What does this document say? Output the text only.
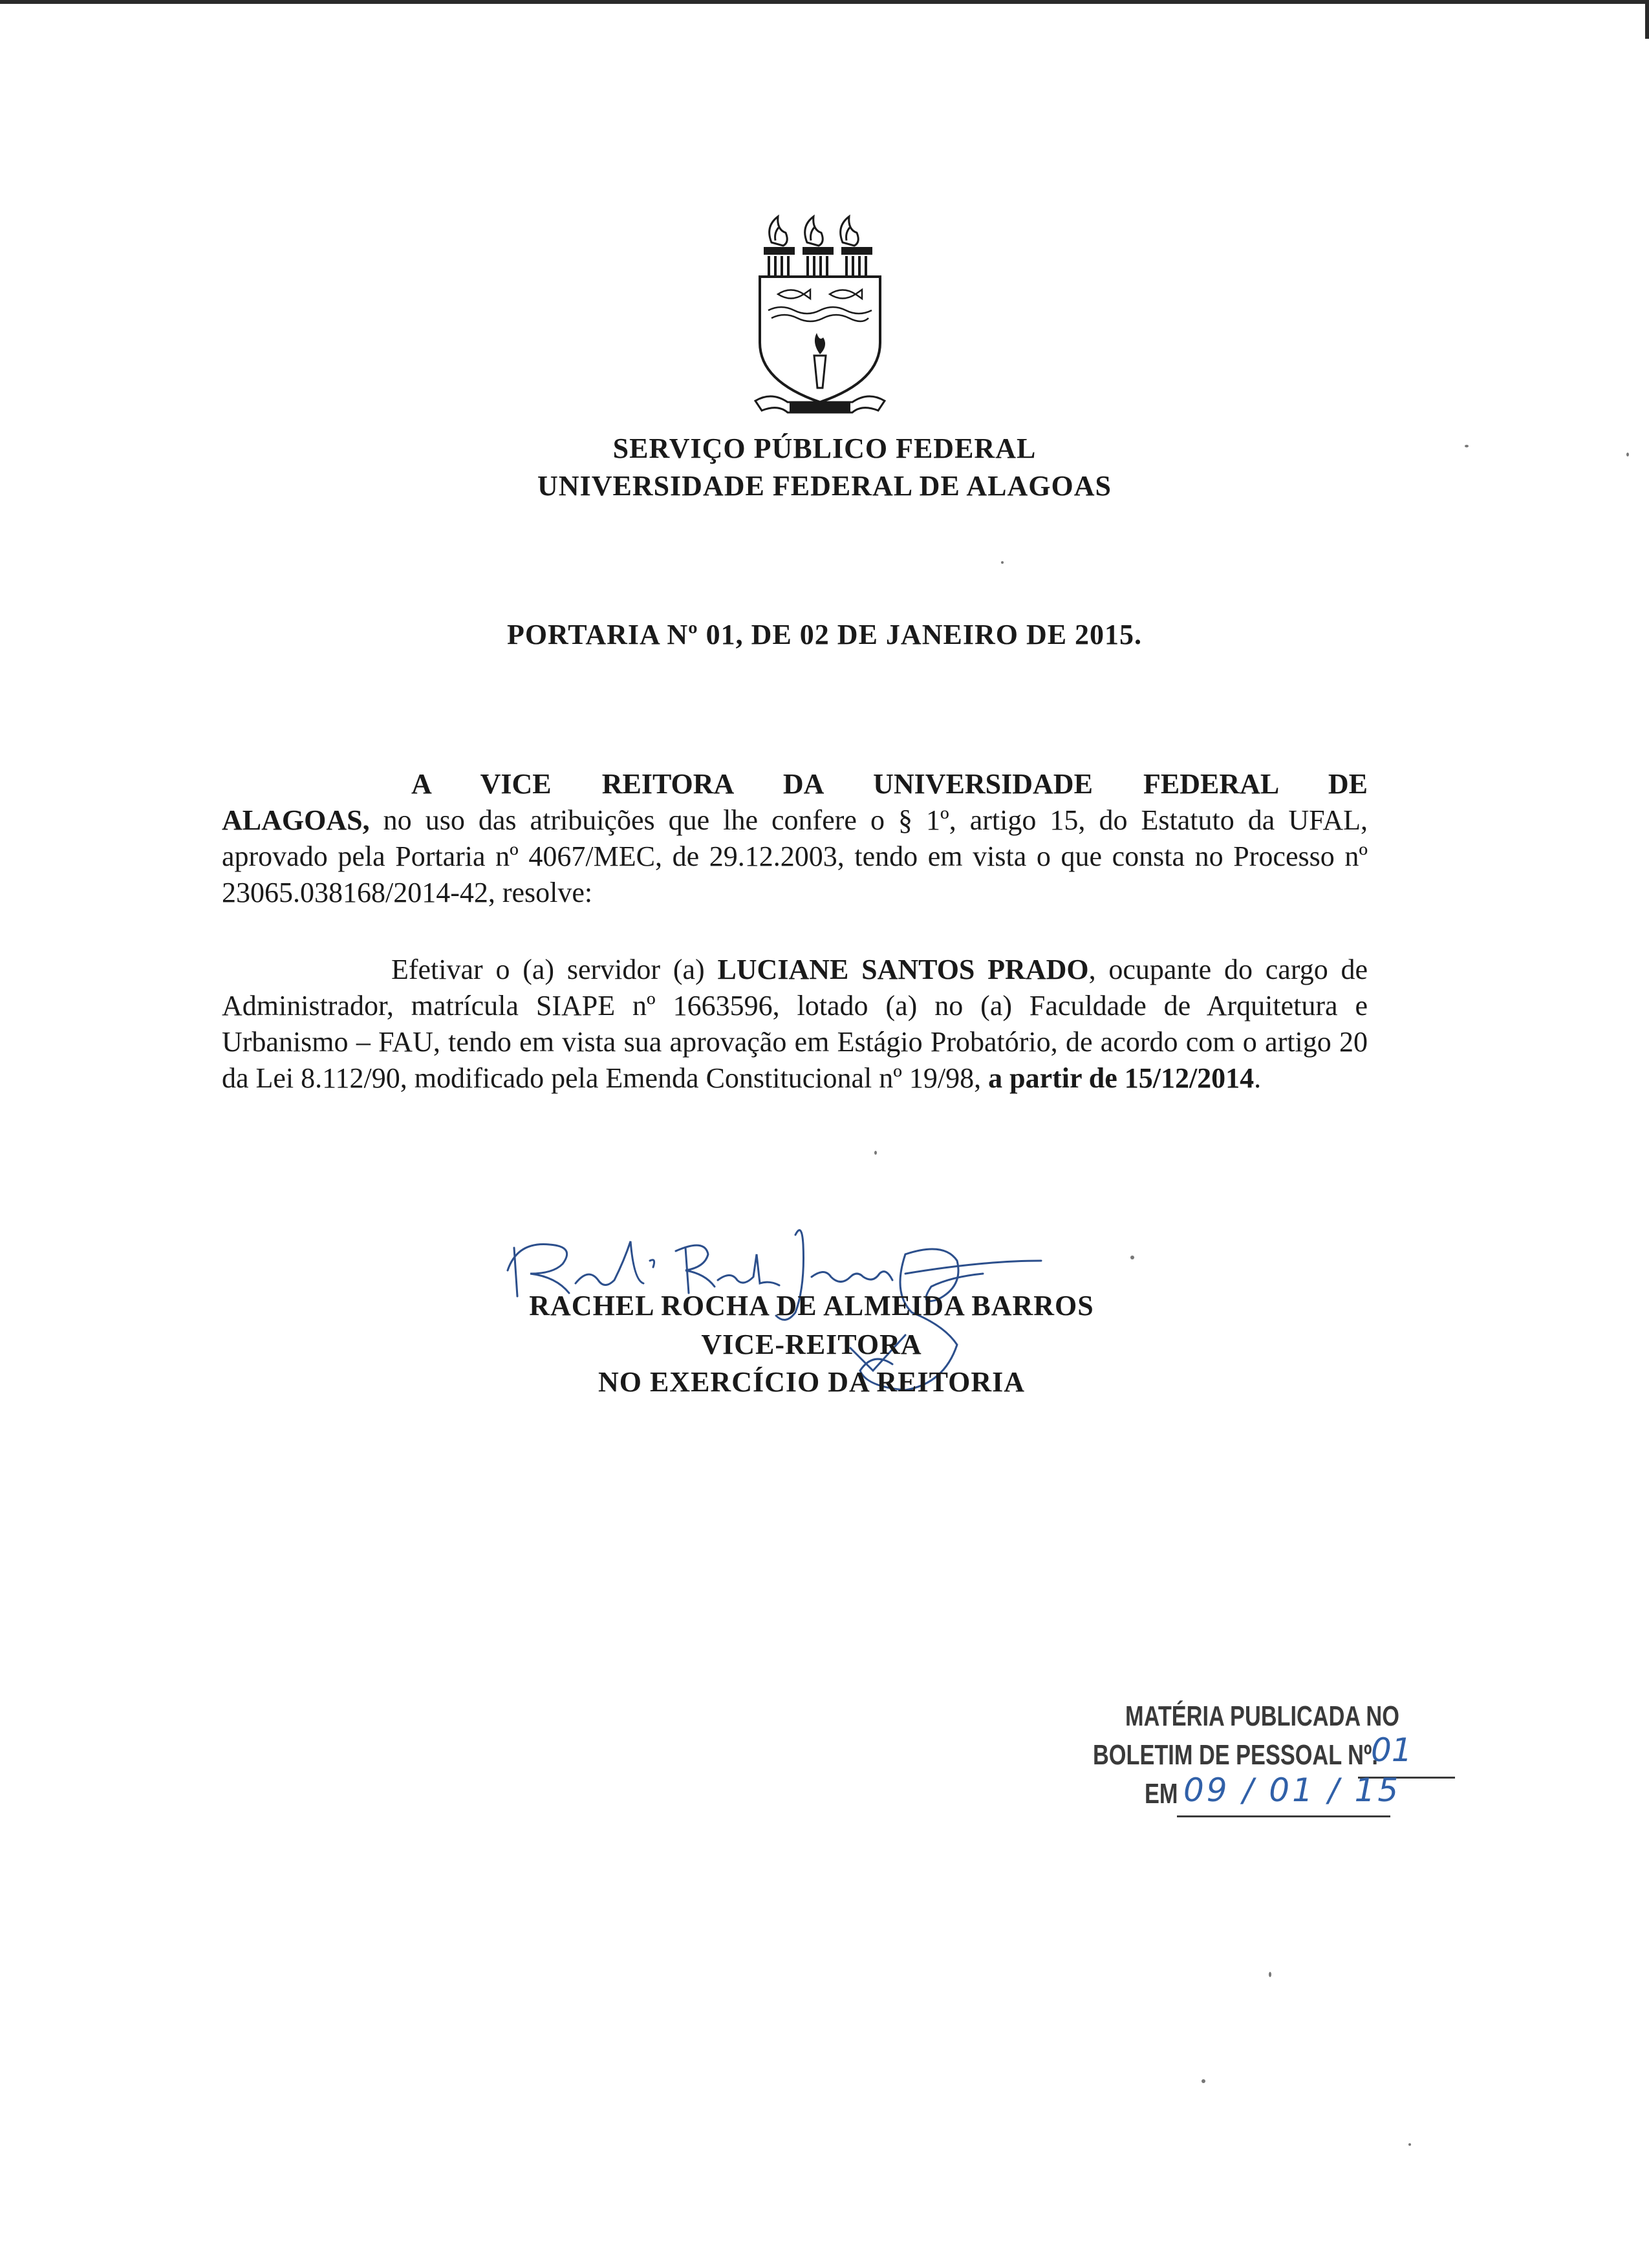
SERVIÇO PÚBLICO FEDERAL
UNIVERSIDADE FEDERAL DE ALAGOAS
PORTARIA Nº 01, DE 02 DE JANEIRO DE 2015.
A VICE REITORA DA UNIVERSIDADE FEDERAL DE ALAGOAS, no uso das atribuições que lhe confere o § 1º, artigo 15, do Estatuto da UFAL, aprovado pela Portaria nº 4067/MEC, de 29.12.2003, tendo em vista o que consta no Processo nº 23065.038168/2014-42, resolve:
Efetivar o (a) servidor (a) LUCIANE SANTOS PRADO, ocupante do cargo de Administrador, matrícula SIAPE nº 1663596, lotado (a) no (a) Faculdade de Arquitetura e Urbanismo – FAU, tendo em vista sua aprovação em Estágio Probatório, de acordo com o artigo 20 da Lei 8.112/90, modificado pela Emenda Constitucional nº 19/98, a partir de 15/12/2014.
RACHEL ROCHA DE ALMEIDA BARROS
VICE-REITORA
NO EXERCÍCIO DA REITORIA
MATÉRIA PUBLICADA NO
BOLETIM DE PESSOAL Nº.
EM
01
09 / 01 / 15
